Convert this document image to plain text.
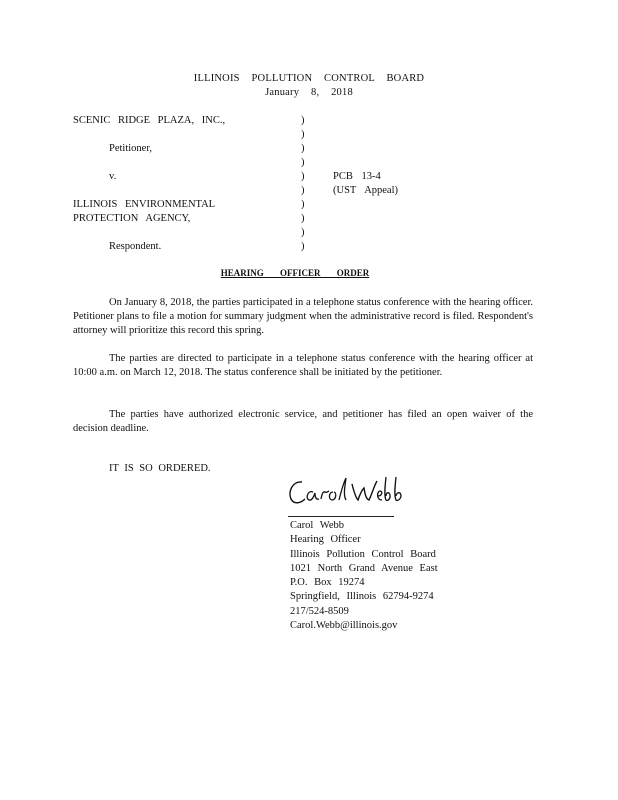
ILLINOIS POLLUTION CONTROL BOARD
January 8, 2018
SCENIC RIDGE PLAZA, INC.,
Petitioner,
v.
ILLINOIS ENVIRONMENTAL
PROTECTION AGENCY,
Respondent.
)
)
)
)
)
)
)
)
)
)
PCB 13-4
(UST Appeal)
HEARING OFFICER ORDER
On January 8, 2018, the parties participated in a telephone status conference with the hearing officer. Petitioner plans to file a motion for summary judgment when the administrative record is filed. Respondent's attorney will prioritize this record this spring.
The parties are directed to participate in a telephone status conference with the hearing officer at 10:00 a.m. on March 12, 2018. The status conference shall be initiated by the petitioner.
The parties have authorized electronic service, and petitioner has filed an open waiver of the decision deadline.
IT IS SO ORDERED.
Carol Webb
Hearing Officer
Illinois Pollution Control Board
1021 North Grand Avenue East
P.O. Box 19274
Springfield, Illinois 62794-9274
217/524-8509
Carol.Webb@illinois.gov
